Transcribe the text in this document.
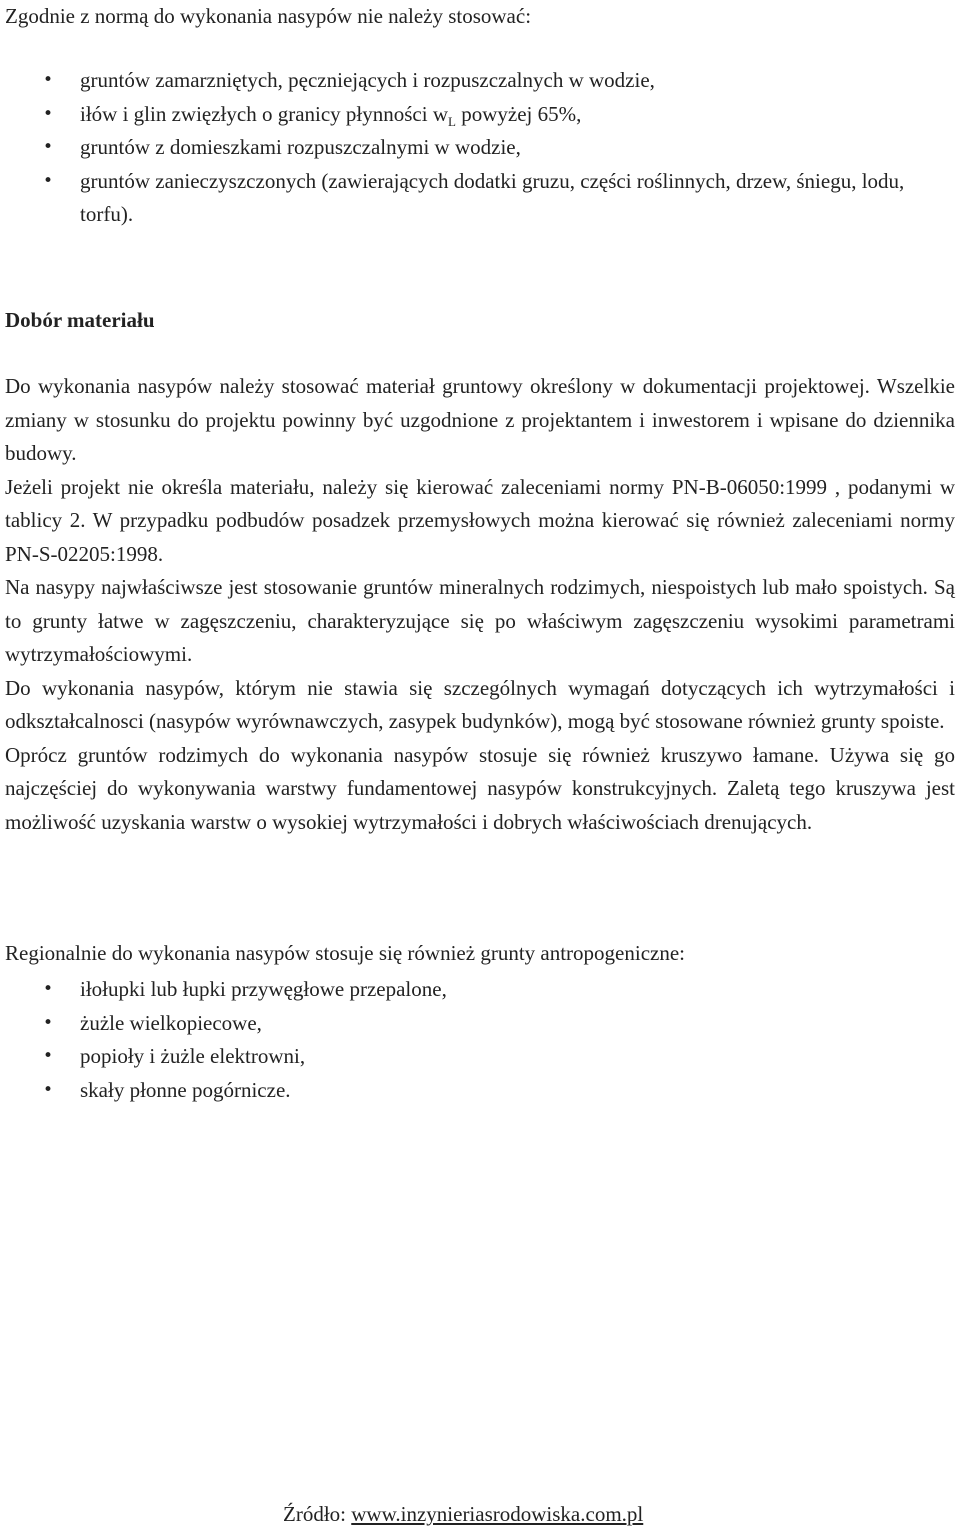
Zgodnie z normą do wykonania nasypów nie należy stosować:

• gruntów zamarzniętych, pęczniejących i rozpuszczalnych w wodzie,
• iłów i glin zwięzłych o granicy płynności $w_L$ powyżej 65%,
• gruntów z domieszkami rozpuszczalnymi w wodzie,
• gruntów zanieczyszczonych (zawierających dodatki gruzu, części roślinnych, drzew, śniegu, lodu, torfu).
Dobór materiału

Do wykonania nasypów należy stosować materiał gruntowy określony w dokumentacji projektowej. Wszelkie zmiany w stosunku do projektu powinny być uzgodnione z projektantem i inwestorem i wpisane do dziennika budowy.

Jeżeli projekt nie określa materiału, należy się kierować zaleceniami normy PN-B-06050:1999 , podanymi w tablicy 2. W przypadku podbudów posadzek przemysłowych można kierować się również zaleceniami normy PN-S-02205:1998.

Na nasypy najwłaściwsze jest stosowanie gruntów mineralnych rodzimych, niespoistych lub mało spoistych. Są to grunty łatwe w zagęszczeniu, charakteryzujące się po właściwym zagęszczeniu wysokimi parametrami wytrzymałościowymi.

Do wykonania nasypów, którym nie stawia się szczególnych wymagań dotyczących ich wytrzymałości i odkształcalnosci (nasypów wyrównawczych, zasypek budynków), mogą być stosowane również grunty spoiste.

Oprócz gruntów rodzimych do wykonania nasypów stosuje się również kruszywo łamane. Używa się go najczęściej do wykonywania warstwy fundamentowej nasypów konstrukcyjnych. Zaletą tego kruszywa jest możliwość uzyskania warstw o wysokiej wytrzymałości i dobrych właściwościach drenujących.

Regionalnie do wykonania nasypów stosuje się również grunty antropogeniczne:

• iłołupki lub łupki przywęgłowe przepalone,
• żużle wielkopiecowe,
• popioły i żużle elektrowni,
• skały płonne pogórnicze.

Źródło: www.inzynieriasrodowiska.com.pl
